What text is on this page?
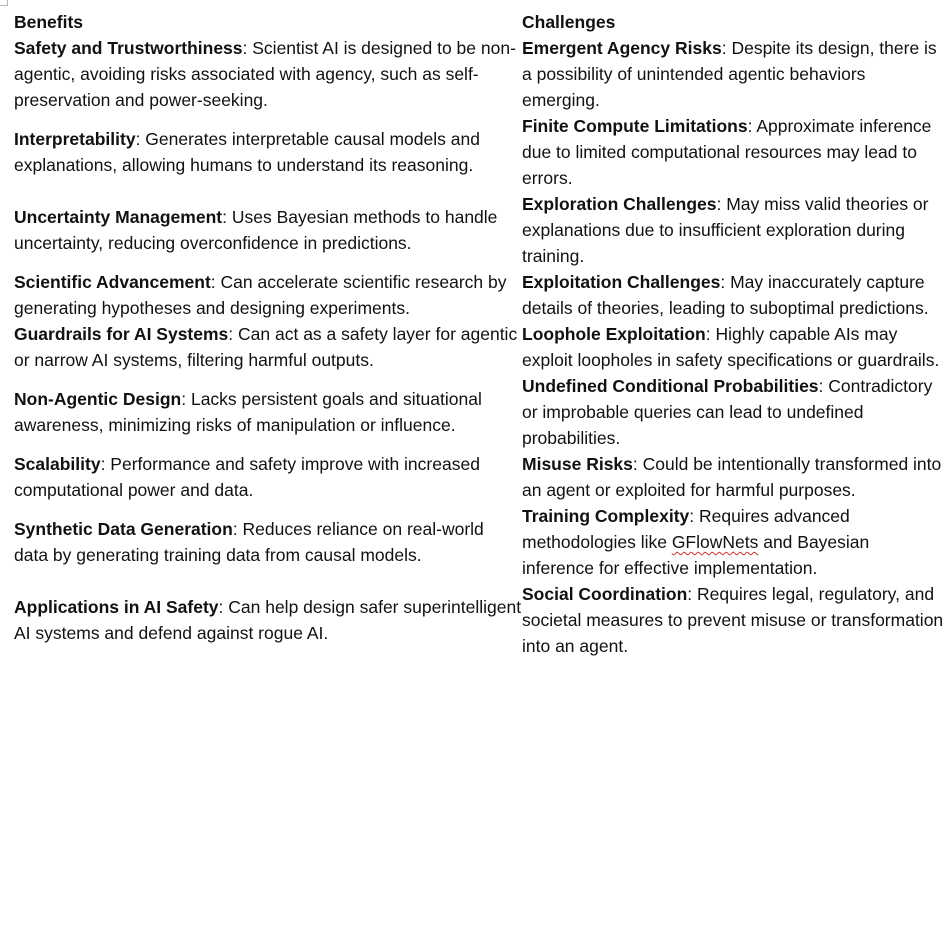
Benefits	Challenges
Safety and Trustworthiness: Scientist AI is designed to be non-agentic, avoiding risks associated with agency, such as self-preservation and power-seeking.	Emergent Agency Risks: Despite its design, there is a possibility of unintended agentic behaviors emerging.
Interpretability: Generates interpretable causal models and explanations, allowing humans to understand its reasoning.	Finite Compute Limitations: Approximate inference due to limited computational resources may lead to errors.
Uncertainty Management: Uses Bayesian methods to handle uncertainty, reducing overconfidence in predictions.	Exploration Challenges: May miss valid theories or explanations due to insufficient exploration during training.
Scientific Advancement: Can accelerate scientific research by generating hypotheses and designing experiments.	Exploitation Challenges: May inaccurately capture details of theories, leading to suboptimal predictions.
Guardrails for AI Systems: Can act as a safety layer for agentic or narrow AI systems, filtering harmful outputs.	Loophole Exploitation: Highly capable AIs may exploit loopholes in safety specifications or guardrails.
Non-Agentic Design: Lacks persistent goals and situational awareness, minimizing risks of manipulation or influence.	Undefined Conditional Probabilities: Contradictory or improbable queries can lead to undefined probabilities.
Scalability: Performance and safety improve with increased computational power and data.	Misuse Risks: Could be intentionally transformed into an agent or exploited for harmful purposes.
Synthetic Data Generation: Reduces reliance on real-world data by generating training data from causal models.	Training Complexity: Requires advanced methodologies like GFlowNets and Bayesian inference for effective implementation.
Applications in AI Safety: Can help design safer superintelligent AI systems and defend against rogue AI.	Social Coordination: Requires legal, regulatory, and societal measures to prevent misuse or transformation into an agent.
